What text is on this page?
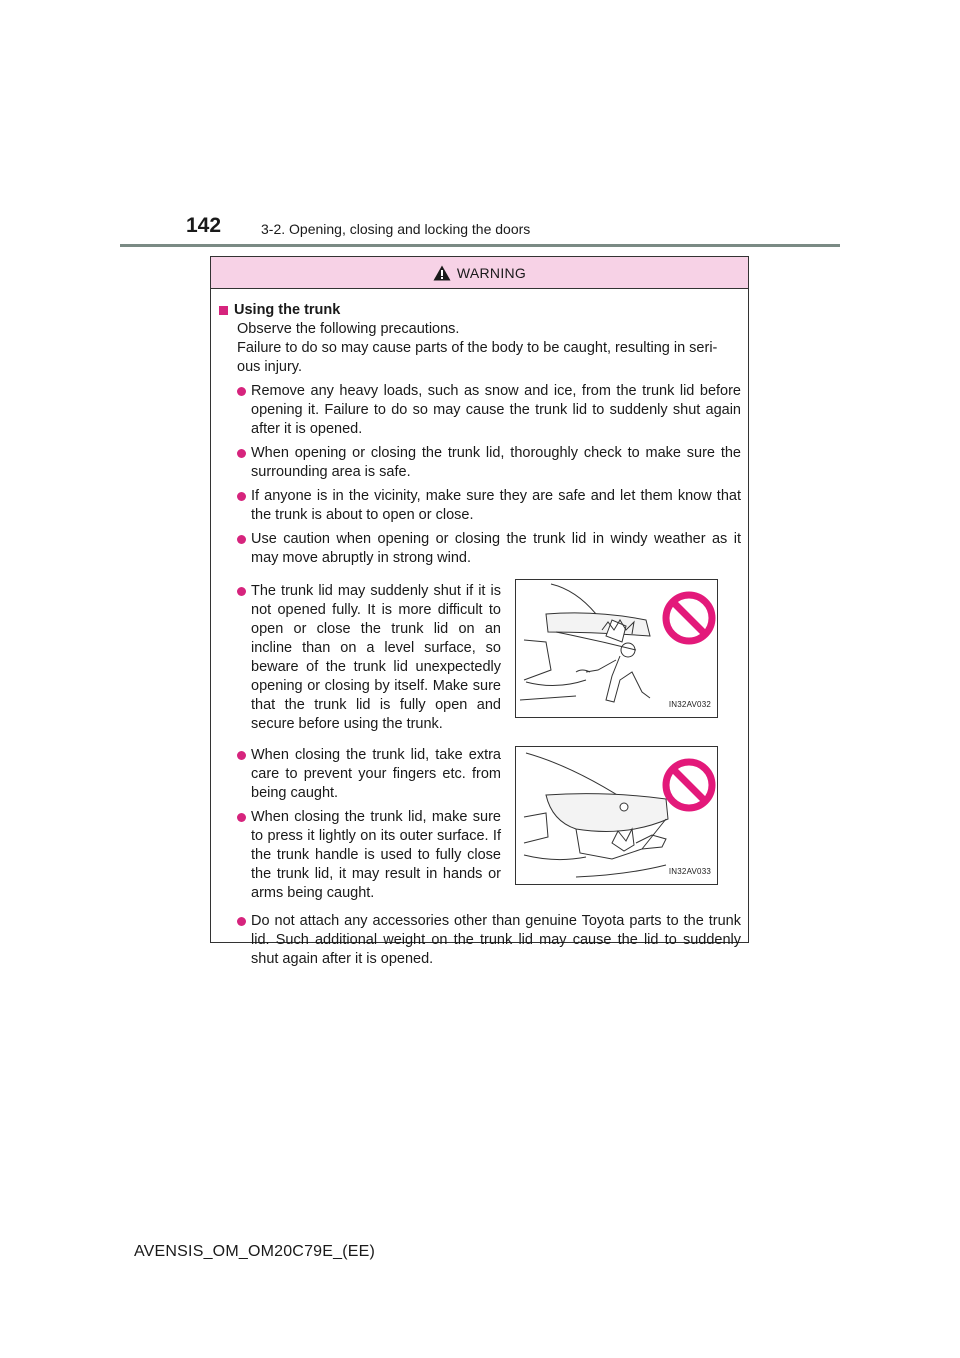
142	3-2. Opening, closing and locking the doors
WARNING
Using the trunk
Observe the following precautions.
Failure to do so may cause parts of the body to be caught, resulting in seri-
ous injury.
Remove any heavy loads, such as snow and ice, from the trunk lid before opening it. Failure to do so may cause the trunk lid to suddenly shut again after it is opened.
When opening or closing the trunk lid, thoroughly check to make sure the surrounding area is safe.
If anyone is in the vicinity, make sure they are safe and let them know that the trunk is about to open or close.
Use caution when opening or closing the trunk lid in windy weather as it may move abruptly in strong wind.
The trunk lid may suddenly shut if it is not opened fully. It is more difficult to open or close the trunk lid on an incline than on a level surface, so beware of the trunk lid unexpectedly opening or closing by itself. Make sure that the trunk lid is fully open and secure before using the trunk.
IN32AV032
When closing the trunk lid, take extra care to prevent your fingers etc. from being caught.
When closing the trunk lid, make sure to press it lightly on its outer surface. If the trunk handle is used to fully close the trunk lid, it may result in hands or arms being caught.
IN32AV033
Do not attach any accessories other than genuine Toyota parts to the trunk lid. Such additional weight on the trunk lid may cause the lid to suddenly shut again after it is opened.
AVENSIS_OM_OM20C79E_(EE)
